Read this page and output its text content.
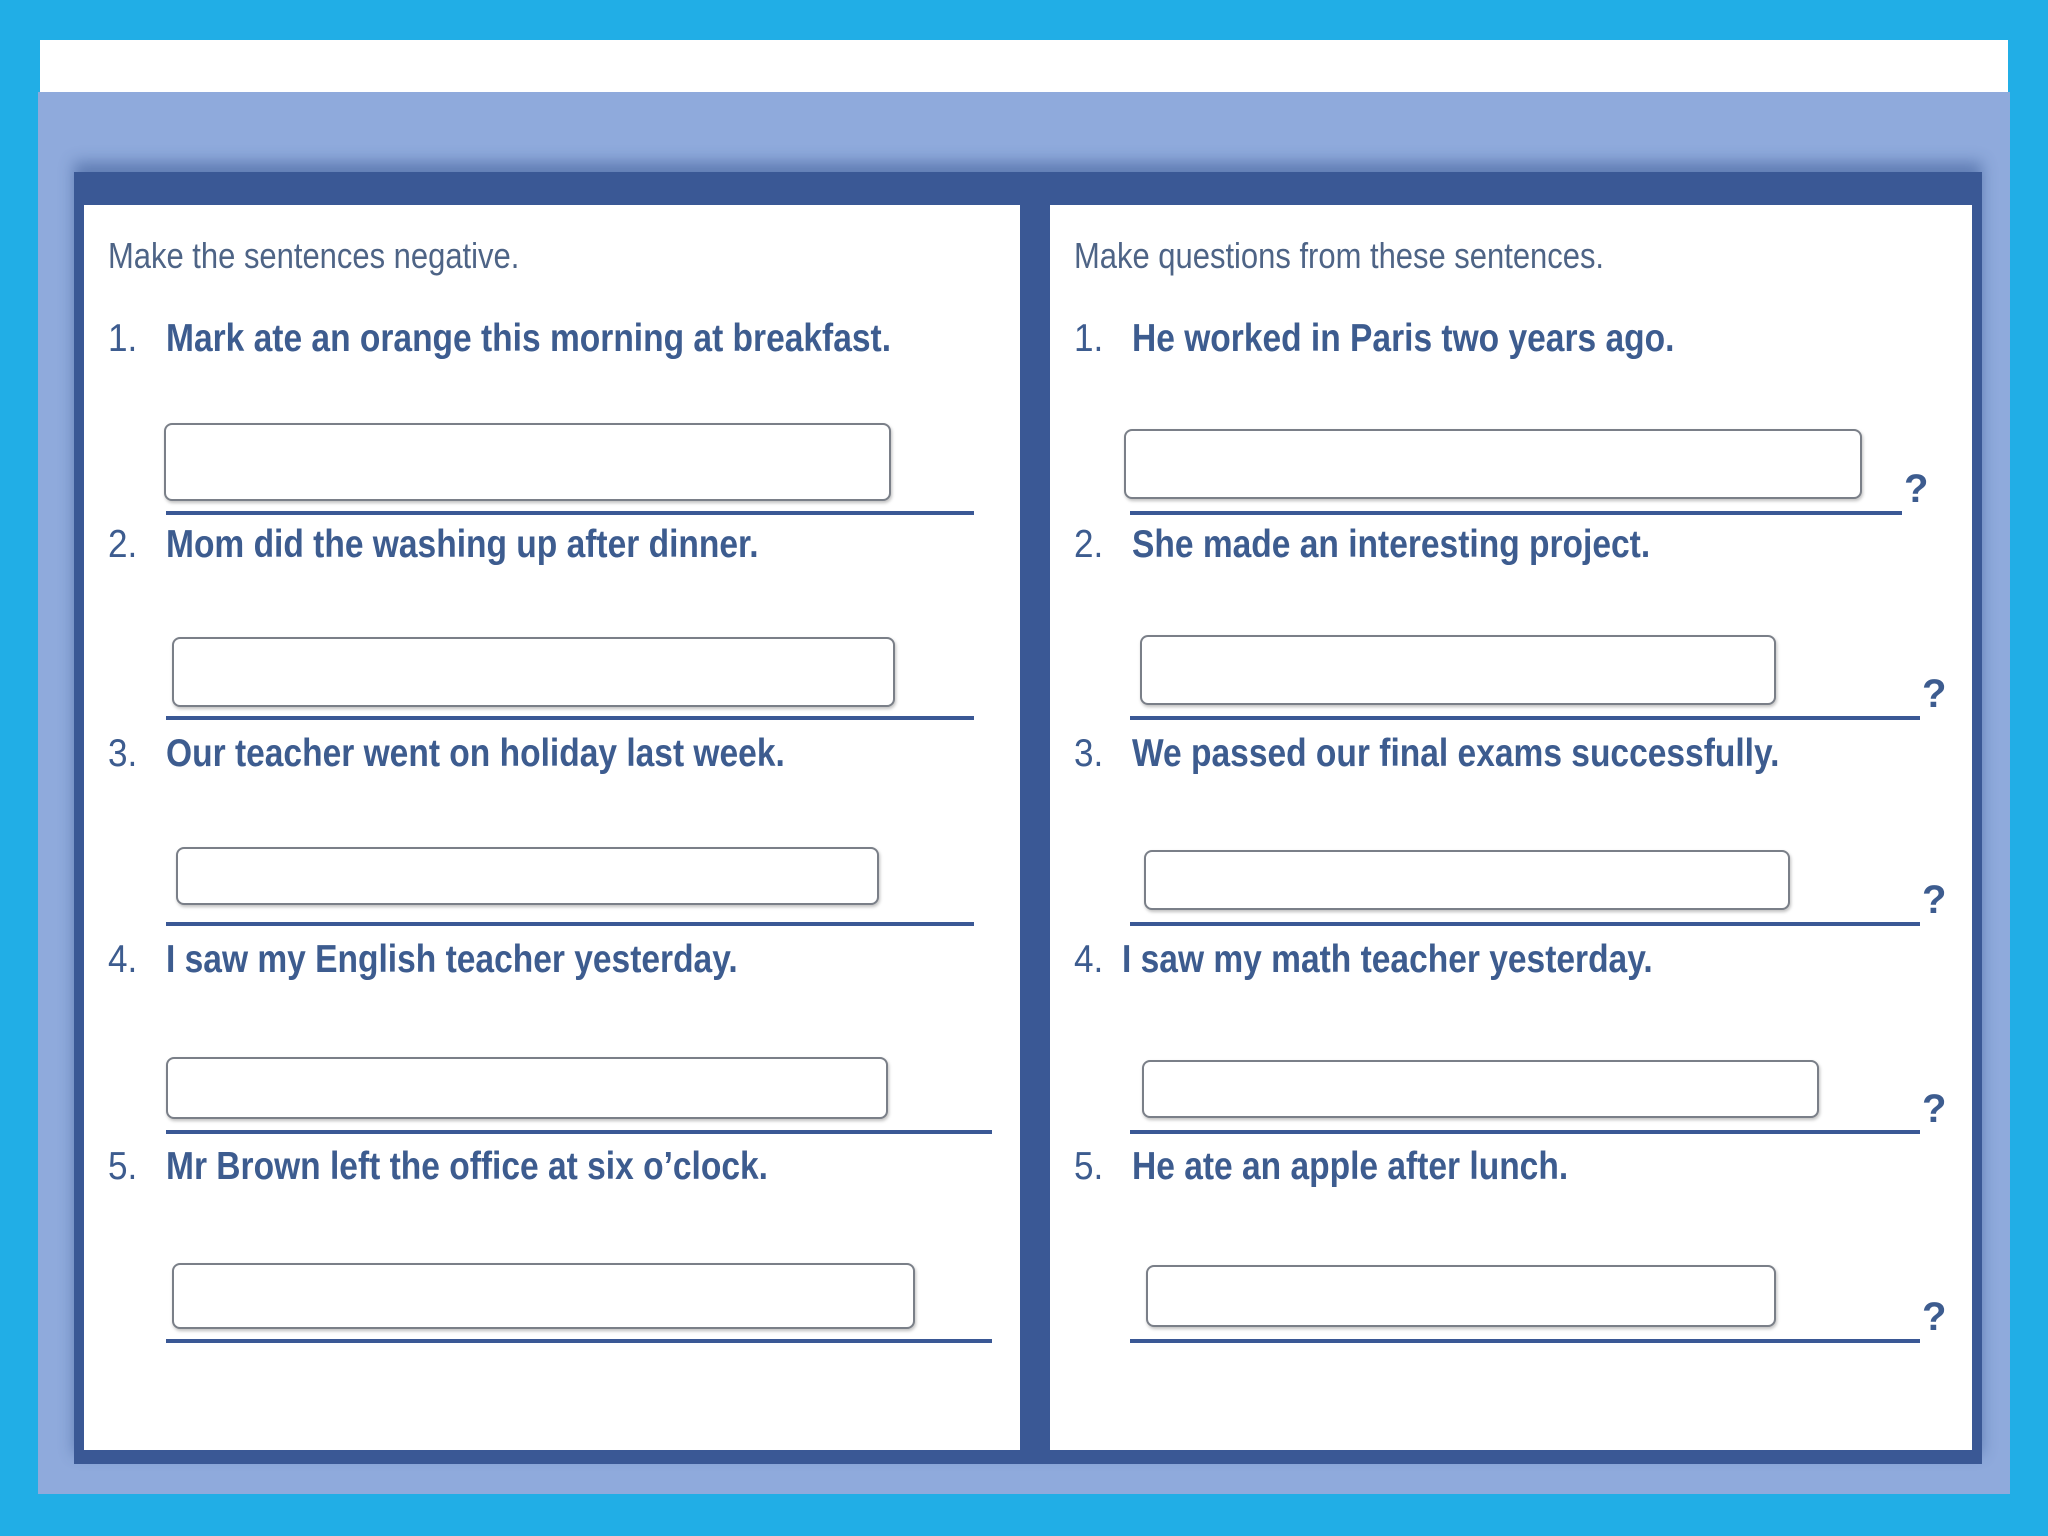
Make the sentences negative.
1. Mark ate an orange this morning at breakfast.
2. Mom did the washing up after dinner.
3. Our teacher went on holiday last week.
4. I saw my English teacher yesterday.
5. Mr Brown left the office at six o’clock.
Make questions from these sentences.
1. He worked in Paris two years ago.
?
2. She made an interesting project.
?
3. We passed our final exams successfully.
?
4. I saw my math teacher yesterday.
?
5. He ate an apple after lunch.
?
